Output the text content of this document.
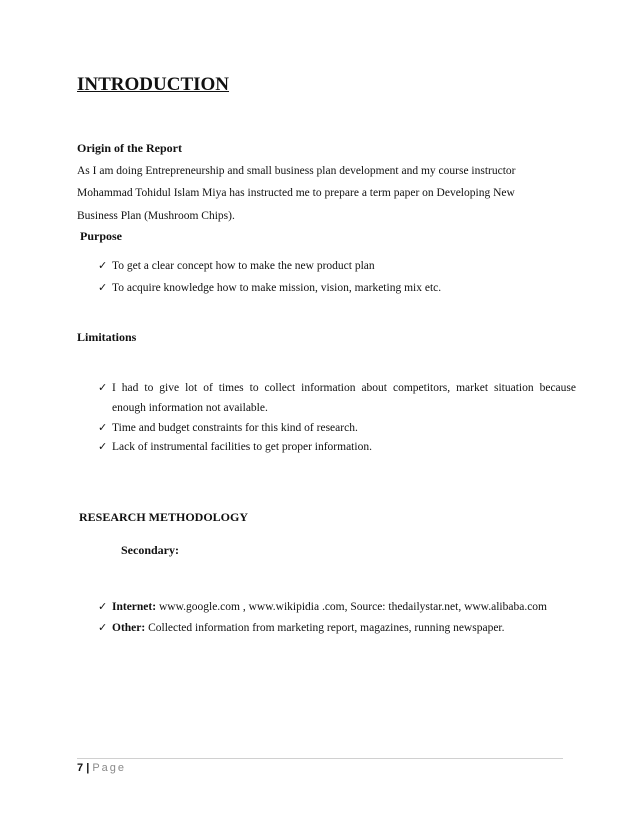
INTRODUCTION
Origin of the Report
As I am doing Entrepreneurship and small business plan development and my course instructor
Mohammad Tohidul Islam Miya has instructed me to prepare a term paper on Developing New
Business Plan (Mushroom Chips).
Purpose
✓ To get a clear concept how to make the new product plan
✓ To acquire knowledge how to make mission, vision, marketing mix etc.
Limitations
✓ I had to give lot of times to collect information about competitors, market situation because
enough information not available.
✓ Time and budget constraints for this kind of research.
✓ Lack of instrumental facilities to get proper information.
RESEARCH METHODOLOGY
Secondary:
✓ Internet: www.google.com , www.wikipidia .com, Source: thedailystar.net, www.alibaba.com
✓ Other: Collected information from marketing report, magazines, running newspaper.
7 | Page
